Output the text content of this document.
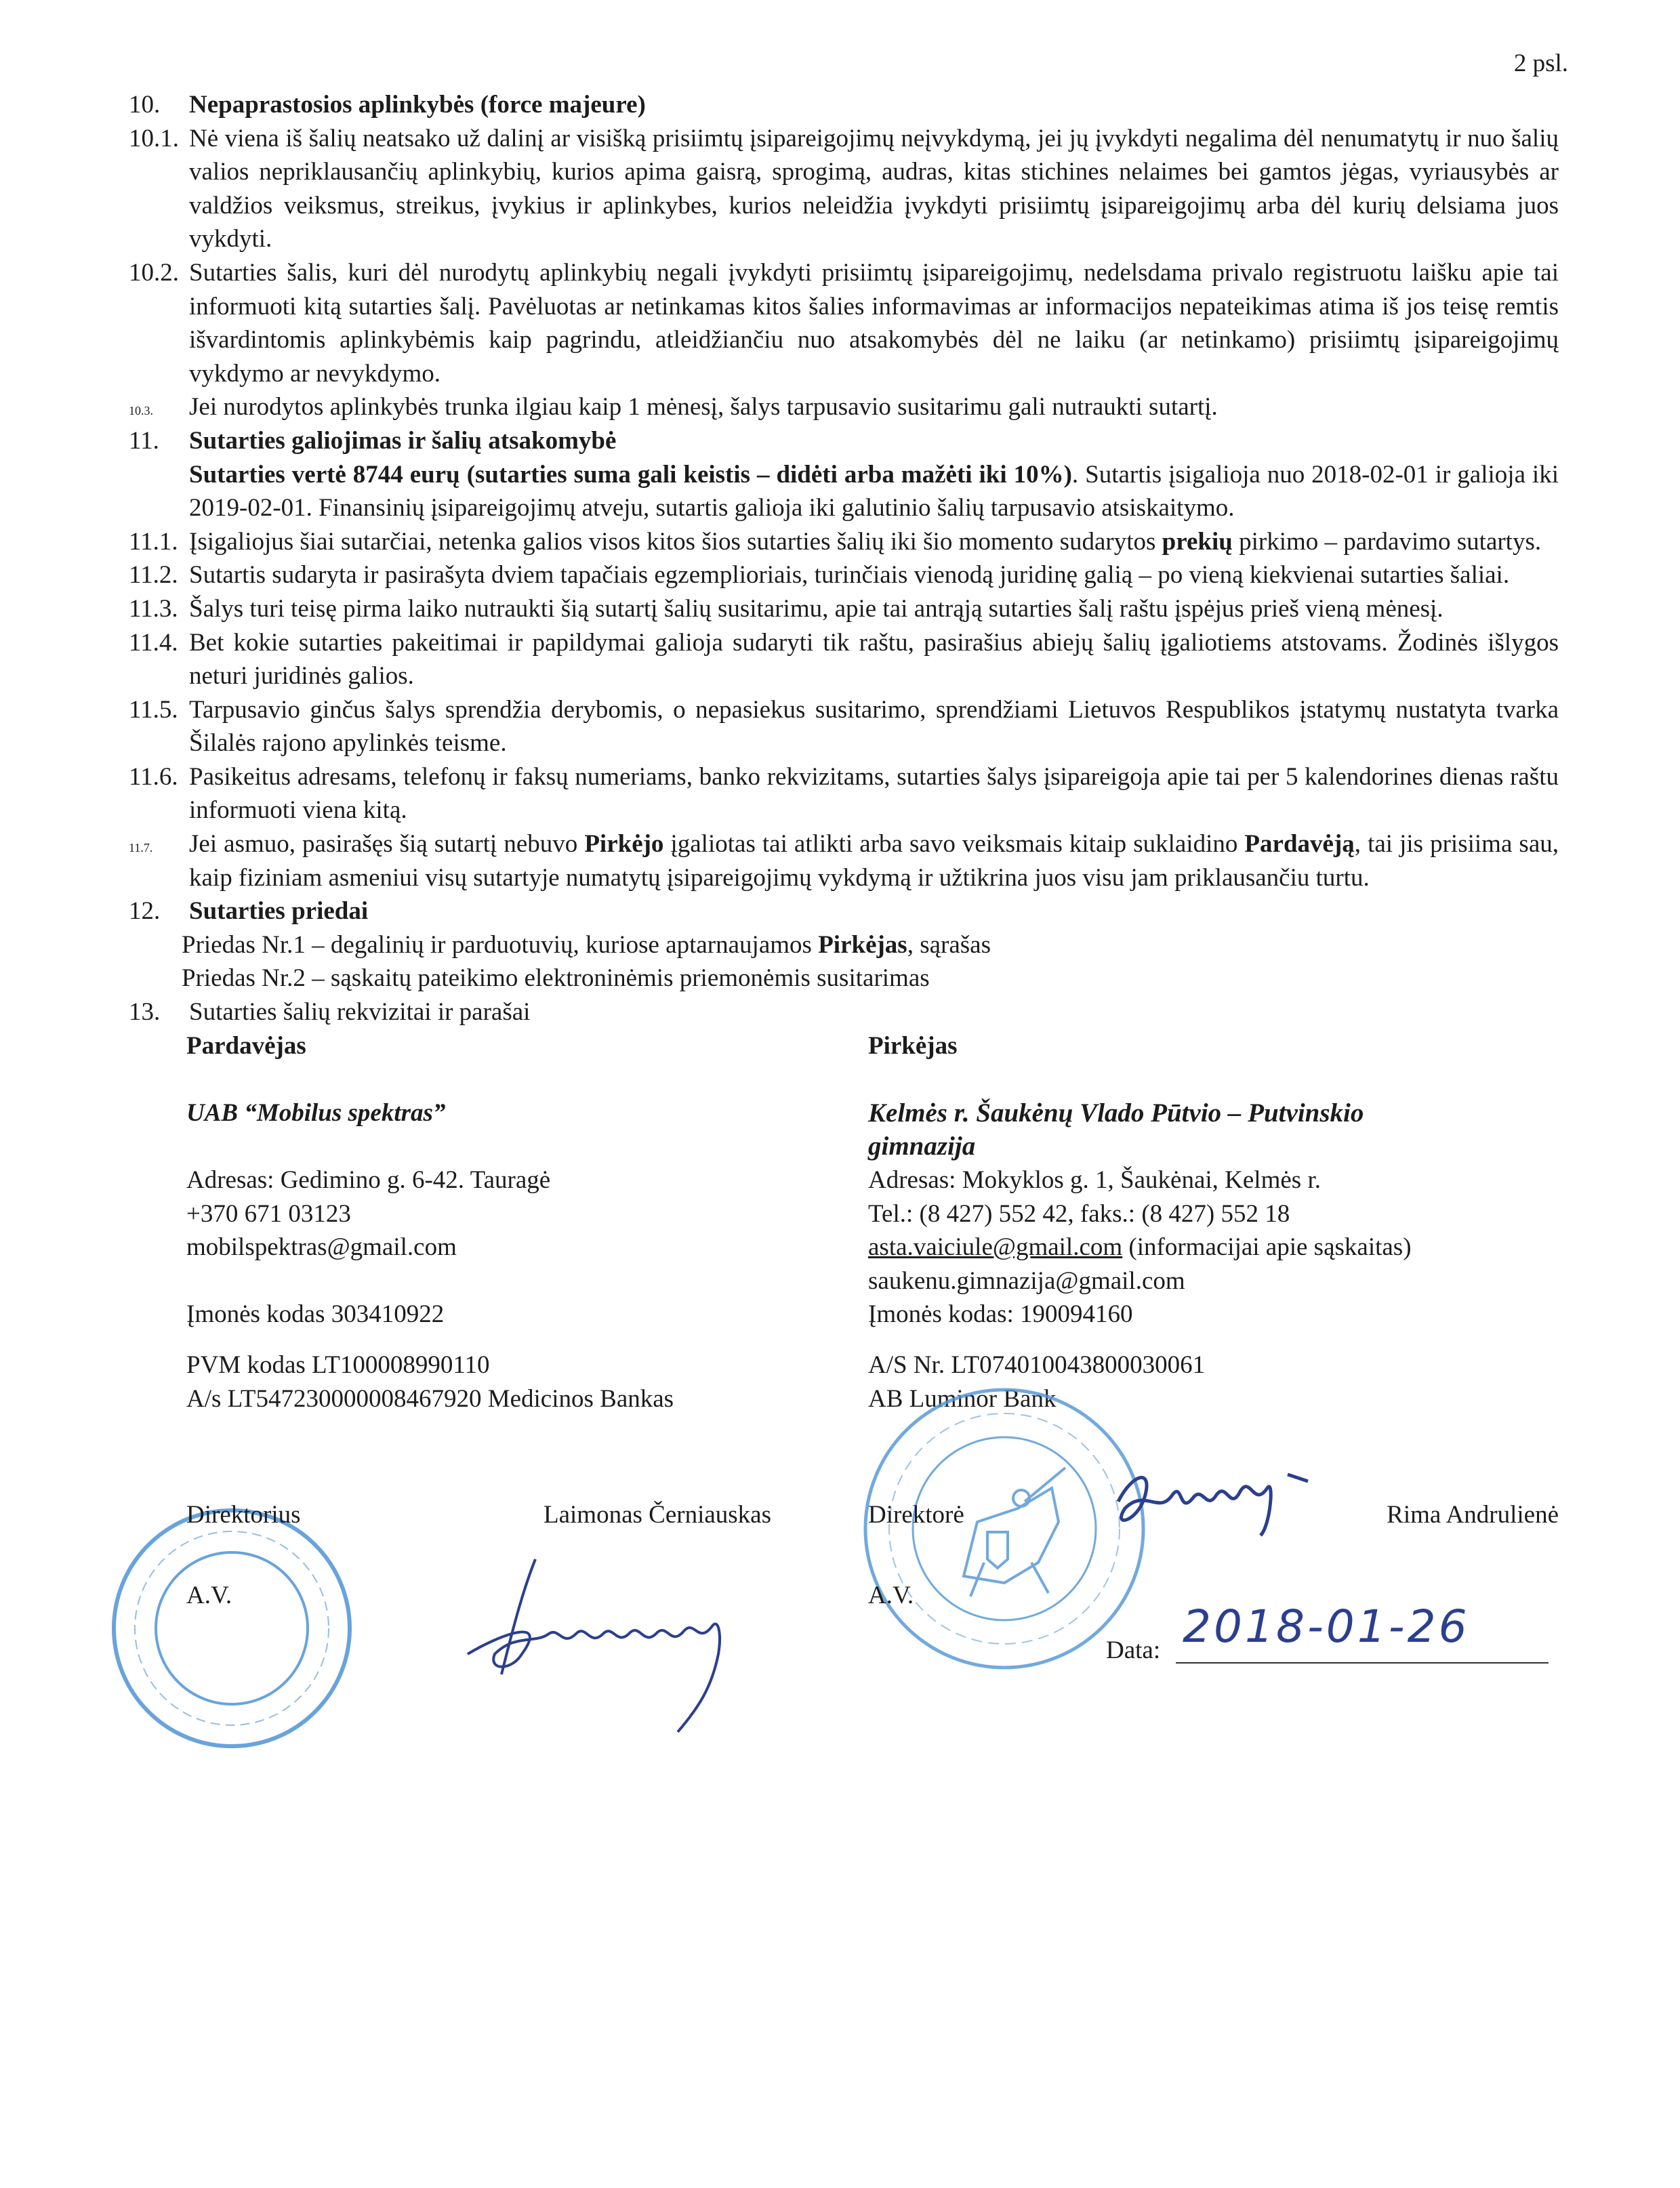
2 psl.
10. Nepaprastosios aplinkybės (force majeure)
10.1. Nė viena iš šalių neatsako už dalinį ar visišką prisiimtų įsipareigojimų neįvykdymą, jei jų įvykdyti negalima dėl nenumatytų ir nuo šalių valios nepriklausančių aplinkybių, kurios apima gaisrą, sprogimą, audras, kitas stichines nelaimes bei gamtos jėgas, vyriausybės ar valdžios veiksmus, streikus, įvykius ir aplinkybes, kurios neleidžia įvykdyti prisiimtų įsipareigojimų arba dėl kurių delsiama juos vykdyti.
10.2. Sutarties šalis, kuri dėl nurodytų aplinkybių negali įvykdyti prisiimtų įsipareigojimų, nedelsdama privalo registruotu laišku apie tai informuoti kitą sutarties šalį. Pavėluotas ar netinkamas kitos šalies informavimas ar informacijos nepateikimas atima iš jos teisę remtis išvardintomis aplinkybėmis kaip pagrindu, atleidžiančiu nuo atsakomybės dėl ne laiku (ar netinkamo) prisiimtų įsipareigojimų vykdymo ar nevykdymo.
10.3. Jei nurodytos aplinkybės trunka ilgiau kaip 1 mėnesį, šalys tarpusavio susitarimu gali nutraukti sutartį.
11. Sutarties galiojimas ir šalių atsakomybė
Sutarties vertė 8744 eurų (sutarties suma gali keistis – didėti arba mažėti iki 10%). Sutartis įsigalioja nuo 2018-02-01 ir galioja iki 2019-02-01. Finansinių įsipareigojimų atveju, sutartis galioja iki galutinio šalių tarpusavio atsiskaitymo.
11.1. Įsigaliojus šiai sutarčiai, netenka galios visos kitos šios sutarties šalių iki šio momento sudarytos prekių pirkimo – pardavimo sutartys.
11.2. Sutartis sudaryta ir pasirašyta dviem tapačiais egzemplioriais, turinčiais vienodą juridinę galią – po vieną kiekvienai sutarties šaliai.
11.3. Šalys turi teisę pirma laiko nutraukti šią sutartį šalių susitarimu, apie tai antrąją sutarties šalį raštu įspėjus prieš vieną mėnesį.
11.4. Bet kokie sutarties pakeitimai ir papildymai galioja sudaryti tik raštu, pasirašius abiejų šalių įgaliotiems atstovams. Žodinės išlygos neturi juridinės galios.
11.5. Tarpusavio ginčus šalys sprendžia derybomis, o nepasiekus susitarimo, sprendžiami Lietuvos Respublikos įstatymų nustatyta tvarka Šilalės rajono apylinkės teisme.
11.6. Pasikeitus adresams, telefonų ir faksų numeriams, banko rekvizitams, sutarties šalys įsipareigoja apie tai per 5 kalendorines dienas raštu informuoti viena kitą.
11.7. Jei asmuo, pasirašęs šią sutartį nebuvo Pirkėjo įgaliotas tai atlikti arba savo veiksmais kitaip suklaidino Pardavėją, tai jis prisiima sau, kaip fiziniam asmeniui visų sutartyje numatytų įsipareigojimų vykdymą ir užtikrina juos visu jam priklausančiu turtu.
12. Sutarties priedai
Priedas Nr.1 – degalinių ir parduotuvių, kuriose aptarnaujamos Pirkėjas, sąrašas
Priedas Nr.2 – sąskaitų pateikimo elektroninėmis priemonėmis susitarimas
13. Sutarties šalių rekvizitai ir parašai
Pardavėjas	Pirkėjas
UAB “Mobilus spektras”	Kelmės r. Šaukėnų Vlado Pūtvio – Putvinskio
gimnazija
Adresas: Gedimino g. 6-42. Tauragė	Adresas: Mokyklos g. 1, Šaukėnai, Kelmės r.
+370 671 03123	Tel.: (8 427) 552 42, faks.: (8 427) 552 18
mobilspektras@gmail.com	asta.vaiciule@gmail.com (informacijai apie sąskaitas)
saukenu.gimnazija@gmail.com
Įmonės kodas 303410922	Įmonės kodas: 190094160
PVM kodas LT100008990110	A/S Nr. LT074010043800030061
A/s LT547230000008467920 Medicinos Bankas	AB Luminor Bank
Direktorius	Laimonas Černiauskas	Direktorė	Rima Andrulienė
A.V.	A.V.
Data: 2018-01-26
